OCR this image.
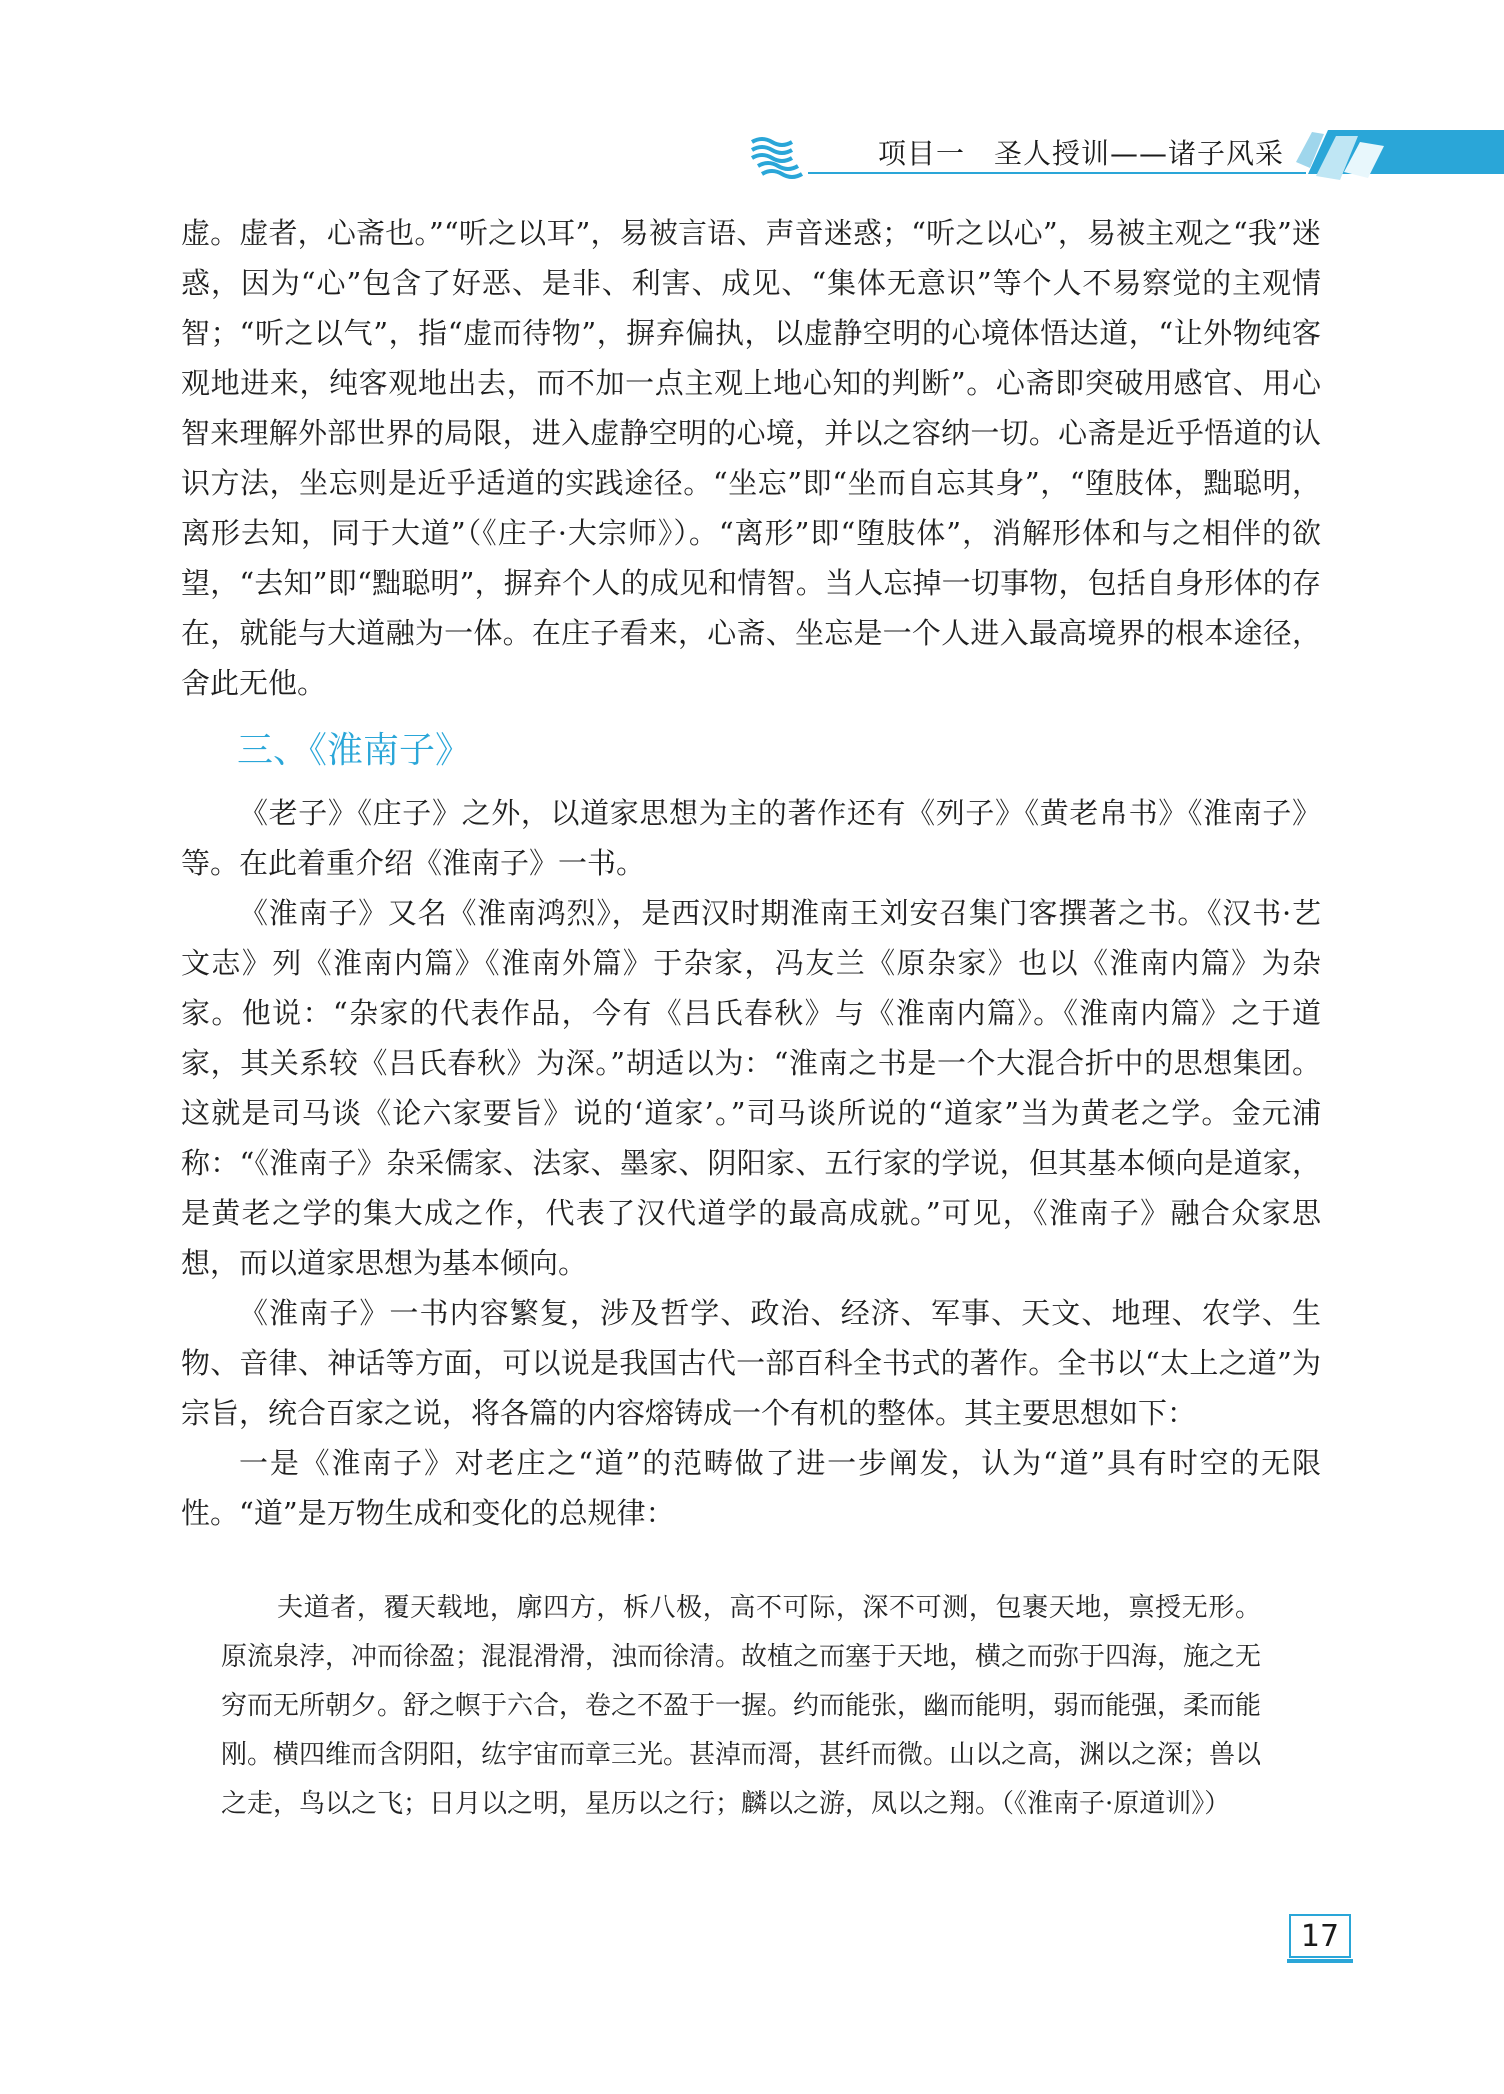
项目一　圣人授训——诸子风采

虚。虚者，心斋也。”“听之以耳”，易被言语、声音迷惑；“听之以心”，易被主观之“我”迷惑，因为“心”包含了好恶、是非、利害、成见、“集体无意识”等个人不易察觉的主观情智；“听之以气”，指“虚而待物”，摒弃偏执，以虚静空明的心境体悟达道，“让外物纯客观地进来，纯客观地出去，而不加一点主观上地心知的判断”。心斋即突破用感官、用心智来理解外部世界的局限，进入虚静空明的心境，并以之容纳一切。心斋是近乎悟道的认识方法，坐忘则是近乎适道的实践途径。“坐忘”即“坐而自忘其身”，“堕肢体，黜聪明，离形去知，同于大道”（《庄子·大宗师》）。“离形”即“堕肢体”，消解形体和与之相伴的欲望，“去知”即“黜聪明”，摒弃个人的成见和情智。当人忘掉一切事物，包括自身形体的存在，就能与大道融为一体。在庄子看来，心斋、坐忘是一个人进入最高境界的根本途径，舍此无他。

三、《淮南子》

《老子》《庄子》之外，以道家思想为主的著作还有《列子》《黄老帛书》《淮南子》等。在此着重介绍《淮南子》一书。

《淮南子》又名《淮南鸿烈》，是西汉时期淮南王刘安召集门客撰著之书。《汉书·艺文志》列《淮南内篇》《淮南外篇》于杂家，冯友兰《原杂家》也以《淮南内篇》为杂家。他说：“杂家的代表作品，今有《吕氏春秋》与《淮南内篇》。《淮南内篇》之于道家，其关系较《吕氏春秋》为深。”胡适以为：“淮南之书是一个大混合折中的思想集团。这就是司马谈《论六家要旨》说的‘道家’。”司马谈所说的“道家”当为黄老之学。金元浦称：“《淮南子》杂采儒家、法家、墨家、阴阳家、五行家的学说，但其基本倾向是道家，是黄老之学的集大成之作，代表了汉代道学的最高成就。”可见，《淮南子》融合众家思想，而以道家思想为基本倾向。

《淮南子》一书内容繁复，涉及哲学、政治、经济、军事、天文、地理、农学、生物、音律、神话等方面，可以说是我国古代一部百科全书式的著作。全书以“太上之道”为宗旨，统合百家之说，将各篇的内容熔铸成一个有机的整体。其主要思想如下：

一是《淮南子》对老庄之“道”的范畴做了进一步阐发，认为“道”具有时空的无限性。“道”是万物生成和变化的总规律：

夫道者，覆天载地，廓四方，柝八极，高不可际，深不可测，包裹天地，禀授无形。原流泉浡，冲而徐盈；混混滑滑，浊而徐清。故植之而塞于天地，横之而弥于四海，施之无穷而无所朝夕。舒之幎于六合，卷之不盈于一握。约而能张，幽而能明，弱而能强，柔而能刚。横四维而含阴阳，纮宇宙而章三光。甚淖而滒，甚纤而微。山以之高，渊以之深；兽以之走，鸟以之飞；日月以之明，星历以之行；麟以之游，凤以之翔。（《淮南子·原道训》）

17
